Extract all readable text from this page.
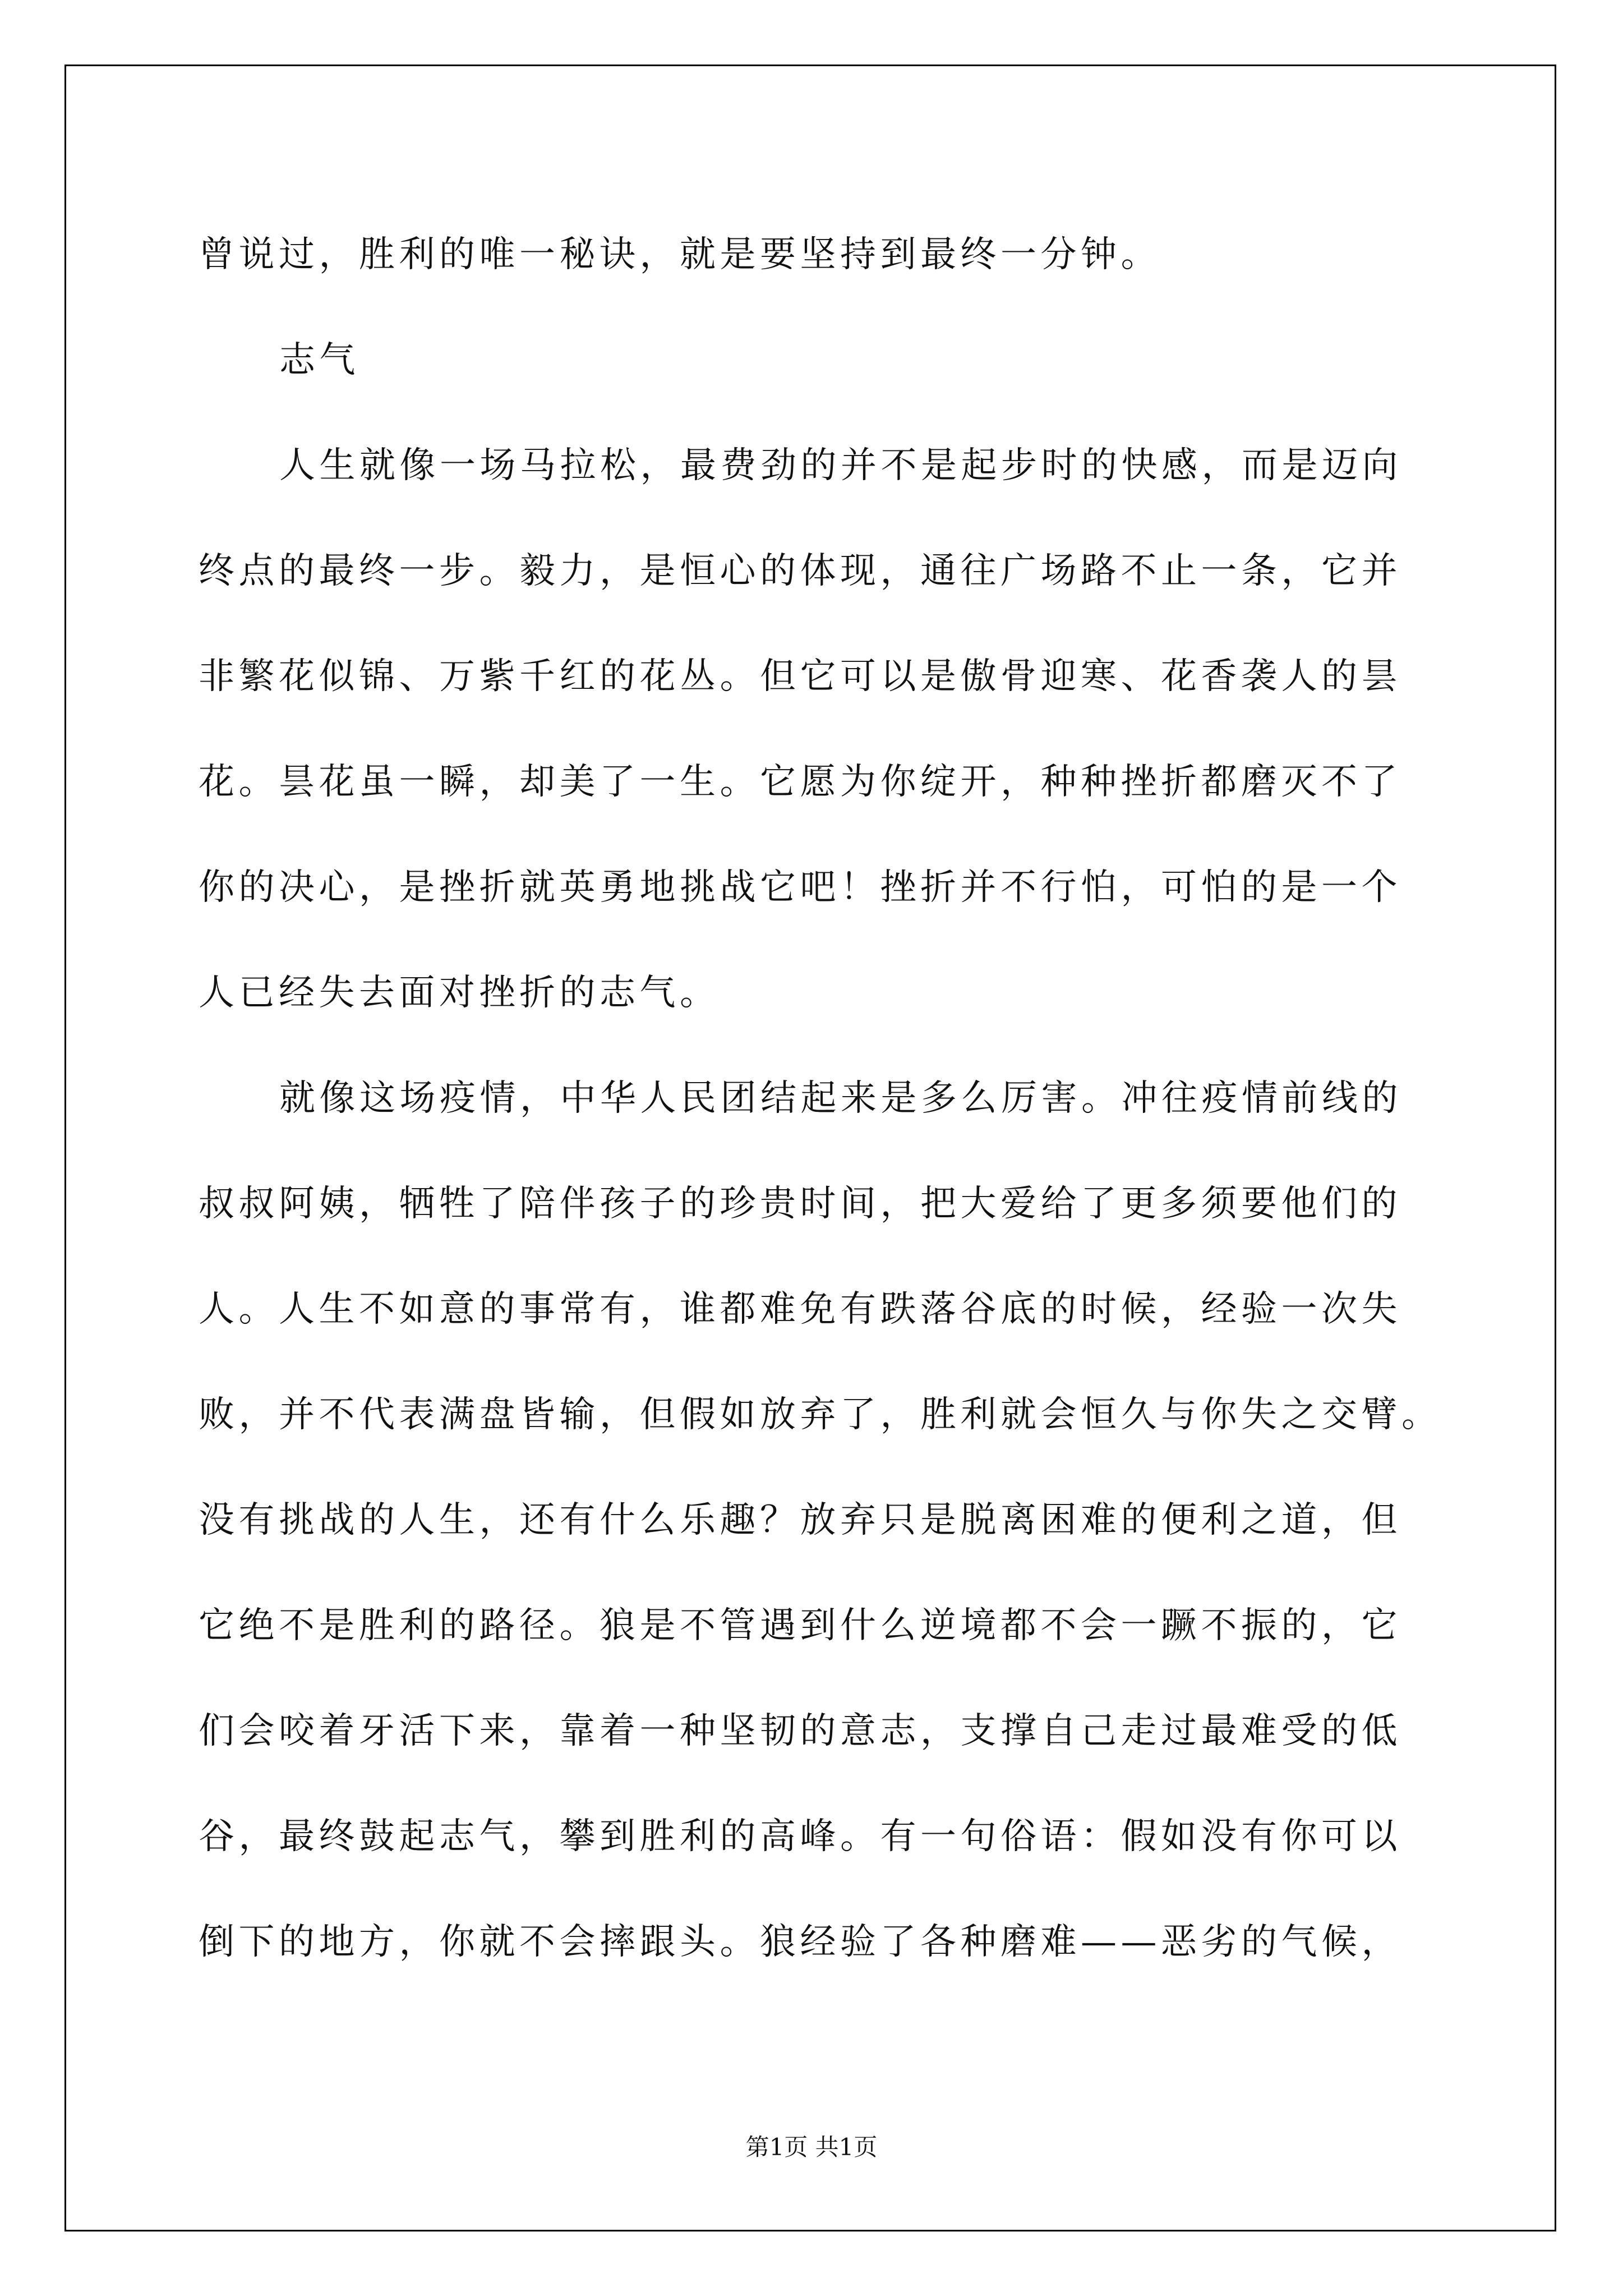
曾说过，胜利的唯一秘诀，就是要坚持到最终一分钟。
志气
人生就像一场马拉松，最费劲的并不是起步时的快感，而是迈向
终点的最终一步。毅力，是恒心的体现，通往广场路不止一条，它并
非繁花似锦、万紫千红的花丛。但它可以是傲骨迎寒、花香袭人的昙
花。昙花虽一瞬，却美了一生。它愿为你绽开，种种挫折都磨灭不了
你的决心，是挫折就英勇地挑战它吧！挫折并不行怕，可怕的是一个
人已经失去面对挫折的志气。
就像这场疫情，中华人民团结起来是多么厉害。冲往疫情前线的
叔叔阿姨，牺牲了陪伴孩子的珍贵时间，把大爱给了更多须要他们的
人。人生不如意的事常有，谁都难免有跌落谷底的时候，经验一次失
败，并不代表满盘皆输，但假如放弃了，胜利就会恒久与你失之交臂。
没有挑战的人生，还有什么乐趣？放弃只是脱离困难的便利之道，但
它绝不是胜利的路径。狼是不管遇到什么逆境都不会一蹶不振的，它
们会咬着牙活下来，靠着一种坚韧的意志，支撑自己走过最难受的低
谷，最终鼓起志气，攀到胜利的高峰。有一句俗语：假如没有你可以
倒下的地方，你就不会摔跟头。狼经验了各种磨难——恶劣的气候，
第1页 共1页
